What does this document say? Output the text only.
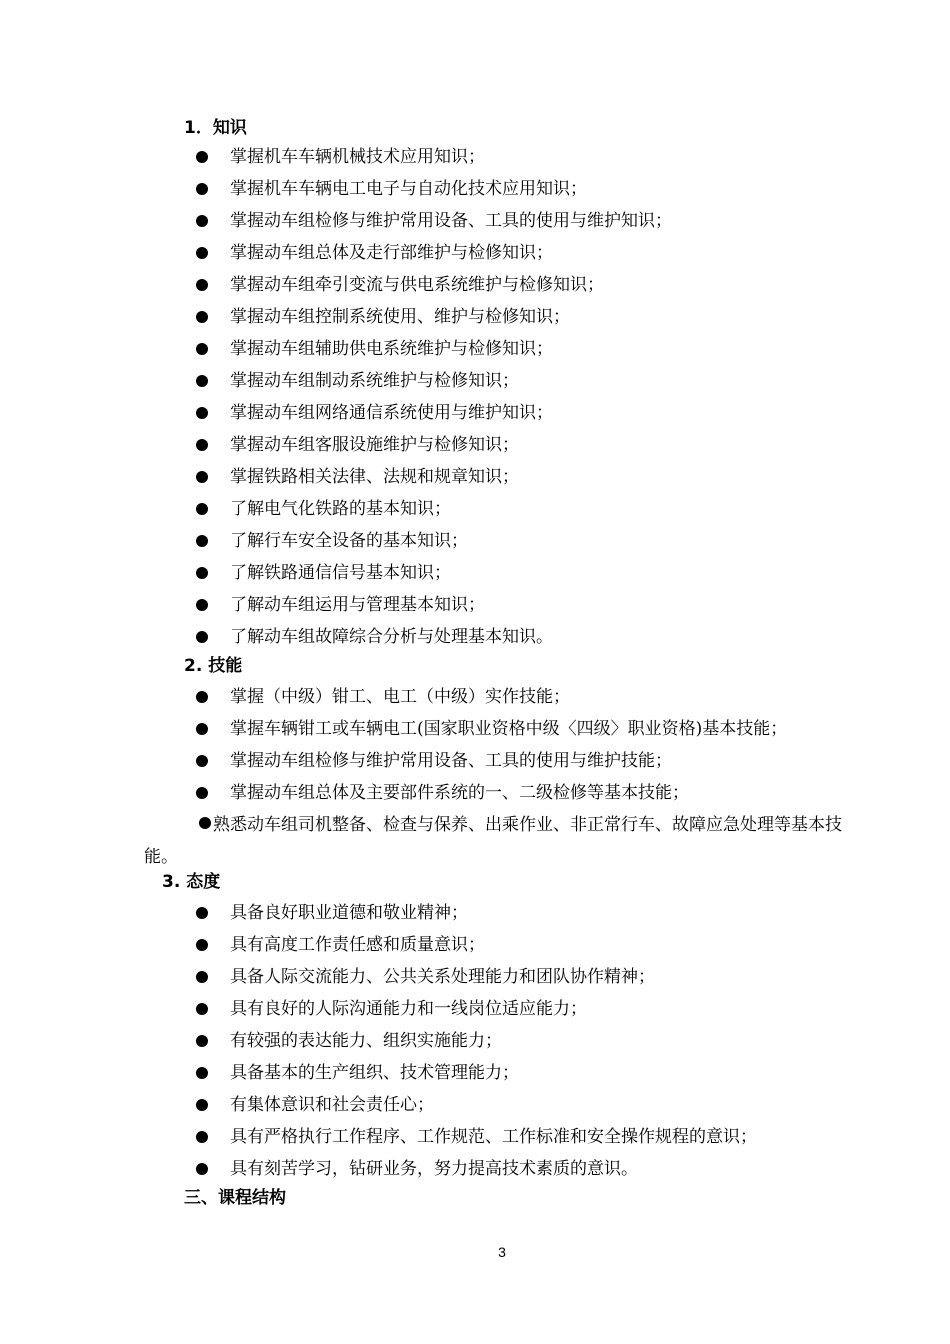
1．知识
掌握机车车辆机械技术应用知识；
掌握机车车辆电工电子与自动化技术应用知识；
掌握动车组检修与维护常用设备、工具的使用与维护知识；
掌握动车组总体及走行部维护与检修知识；
掌握动车组牵引变流与供电系统维护与检修知识；
掌握动车组控制系统使用、维护与检修知识；
掌握动车组辅助供电系统维护与检修知识；
掌握动车组制动系统维护与检修知识；
掌握动车组网络通信系统使用与维护知识；
掌握动车组客服设施维护与检修知识；
掌握铁路相关法律、法规和规章知识；
了解电气化铁路的基本知识；
了解行车安全设备的基本知识；
了解铁路通信信号基本知识；
了解动车组运用与管理基本知识；
了解动车组故障综合分析与处理基本知识。
2. 技能
掌握（中级）钳工、电工（中级）实作技能；
掌握车辆钳工或车辆电工(国家职业资格中级〈四级〉职业资格)基本技能；
掌握动车组检修与维护常用设备、工具的使用与维护技能；
掌握动车组总体及主要部件系统的一、二级检修等基本技能；
熟悉动车组司机整备、检查与保养、出乘作业、非正常行车、故障应急处理等基本技能。
3. 态度
具备良好职业道德和敬业精神；
具有高度工作责任感和质量意识；
具备人际交流能力、公共关系处理能力和团队协作精神；
具有良好的人际沟通能力和一线岗位适应能力；
有较强的表达能力、组织实施能力；
具备基本的生产组织、技术管理能力；
有集体意识和社会责任心；
具有严格执行工作程序、工作规范、工作标准和安全操作规程的意识；
具有刻苦学习，钻研业务，努力提高技术素质的意识。
三、课程结构
3
